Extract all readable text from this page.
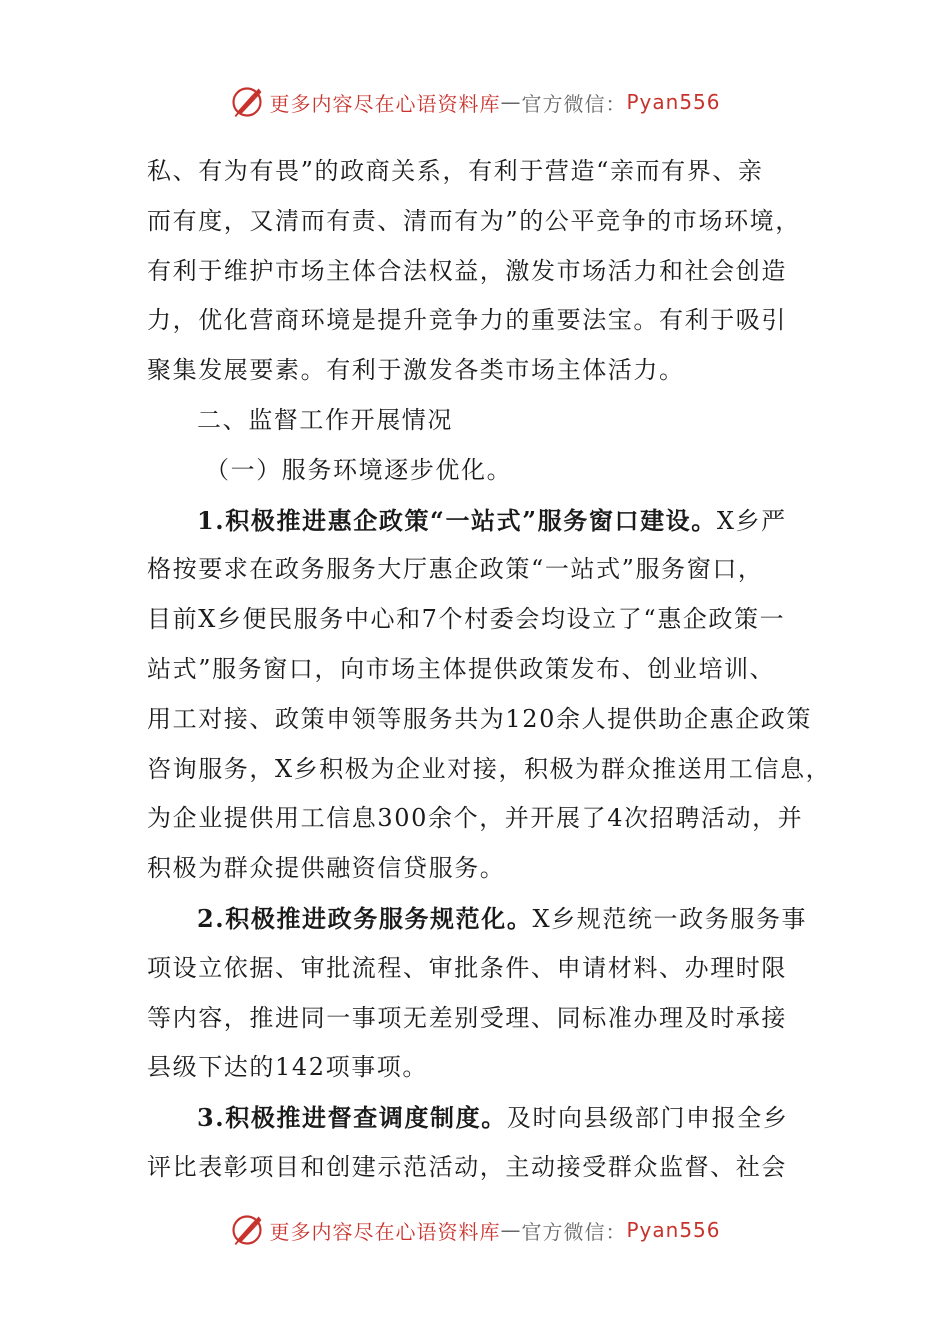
更多内容尽在心语资料库 — 官方微信： Pyan556
私、有为有畏”的政商关系，有利于营造“亲而有界、亲
而有度，又清而有责、清而有为”的公平竞争的市场环境，
有利于维护市场主体合法权益，激发市场活力和社会创造
力，优化营商环境是提升竞争力的重要法宝。有利于吸引
聚集发展要素。有利于激发各类市场主体活力。
二、监督工作开展情况
（一）服务环境逐步优化。
1.积极推进惠企政策“一站式”服务窗口建设。X乡严
格按要求在政务服务大厅惠企政策“一站式”服务窗口，
目前X乡便民服务中心和7个村委会均设立了“惠企政策一
站式”服务窗口，向市场主体提供政策发布、创业培训、
用工对接、政策申领等服务共为120余人提供助企惠企政策
咨询服务，X乡积极为企业对接，积极为群众推送用工信息，
为企业提供用工信息300余个，并开展了4次招聘活动，并
积极为群众提供融资信贷服务。
2.积极推进政务服务规范化。X乡规范统一政务服务事
项设立依据、审批流程、审批条件、申请材料、办理时限
等内容，推进同一事项无差别受理、同标准办理及时承接
县级下达的142项事项。
3.积极推进督查调度制度。及时向县级部门申报全乡
评比表彰项目和创建示范活动，主动接受群众监督、社会
更多内容尽在心语资料库 — 官方微信： Pyan556
